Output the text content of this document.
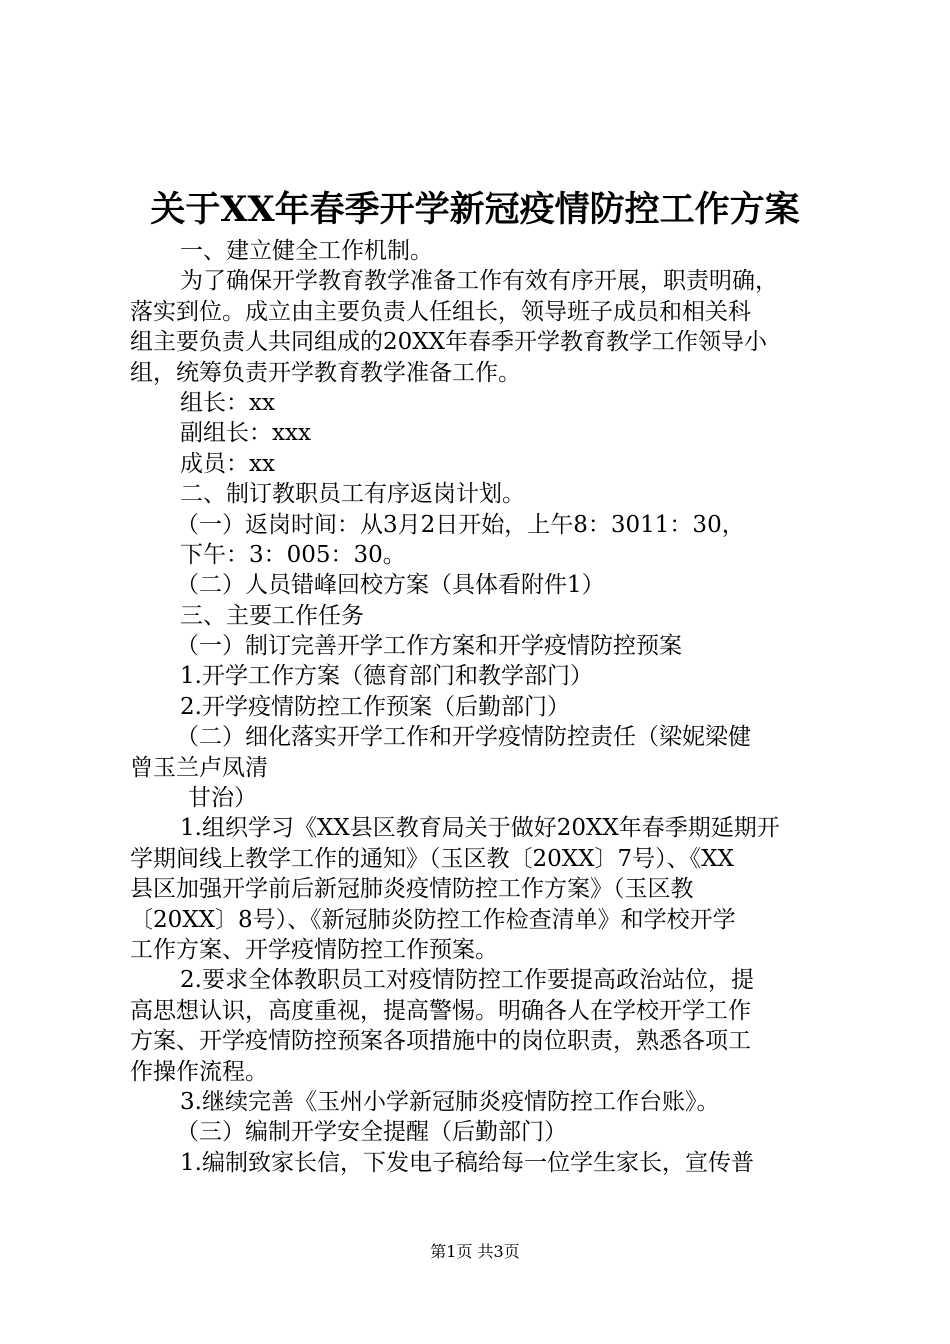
关于XX年春季开学新冠疫情防控工作方案
一、建立健全工作机制。
为了确保开学教育教学准备工作有效有序开展，职责明确，
落实到位。成立由主要负责人任组长，领导班子成员和相关科
组主要负责人共同组成的20XX年春季开学教育教学工作领导小
组，统筹负责开学教育教学准备工作。
组长：xx
副组长：xxx
成员：xx
二、制订教职员工有序返岗计划。
（一）返岗时间：从3月2日开始，上午8：3011：30，
下午：3：005：30。
（二）人员错峰回校方案（具体看附件1）
三、主要工作任务
（一）制订完善开学工作方案和开学疫情防控预案
1.开学工作方案（德育部门和教学部门）
2.开学疫情防控工作预案（后勤部门）
（二）细化落实开学工作和开学疫情防控责任（梁妮梁健
曾玉兰卢凤清
甘治）
1.组织学习《XX县区教育局关于做好20XX年春季期延期开
学期间线上教学工作的通知》（玉区教〔20XX〕7号）、《XX
县区加强开学前后新冠肺炎疫情防控工作方案》（玉区教
〔20XX〕8号）、《新冠肺炎防控工作检查清单》和学校开学
工作方案、开学疫情防控工作预案。
2.要求全体教职员工对疫情防控工作要提高政治站位，提
高思想认识，高度重视，提高警惕。明确各人在学校开学工作
方案、开学疫情防控预案各项措施中的岗位职责，熟悉各项工
作操作流程。
3.继续完善《玉州小学新冠肺炎疫情防控工作台账》。
（三）编制开学安全提醒（后勤部门）
1.编制致家长信，下发电子稿给每一位学生家长，宣传普
第1页 共3页
